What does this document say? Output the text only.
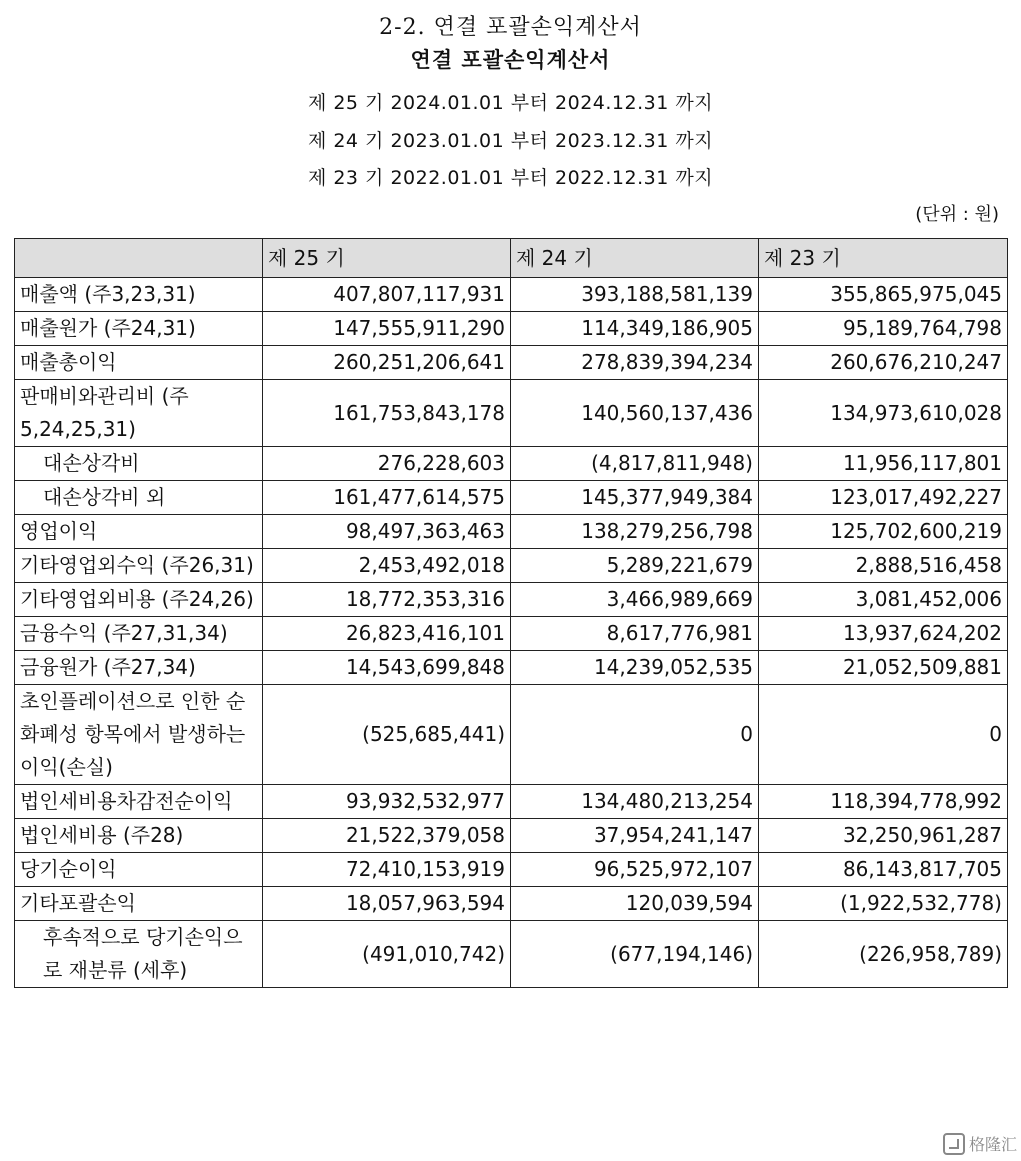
2-2. 연결 포괄손익계산서
연결 포괄손익계산서
제 25 기 2024.01.01 부터 2024.12.31 까지
제 24 기 2023.01.01 부터 2023.12.31 까지
제 23 기 2022.01.01 부터 2022.12.31 까지
(단위 : 원)
	제 25 기	제 24 기	제 23 기
매출액 (주3,23,31)	407,807,117,931	393,188,581,139	355,865,975,045
매출원가 (주24,31)	147,555,911,290	114,349,186,905	95,189,764,798
매출총이익	260,251,206,641	278,839,394,234	260,676,210,247
판매비와관리비 (주5,24,25,31)	161,753,843,178	140,560,137,436	134,973,610,028
대손상각비	276,228,603	(4,817,811,948)	11,956,117,801
대손상각비 외	161,477,614,575	145,377,949,384	123,017,492,227
영업이익	98,497,363,463	138,279,256,798	125,702,600,219
기타영업외수익 (주26,31)	2,453,492,018	5,289,221,679	2,888,516,458
기타영업외비용 (주24,26)	18,772,353,316	3,466,989,669	3,081,452,006
금융수익 (주27,31,34)	26,823,416,101	8,617,776,981	13,937,624,202
금융원가 (주27,34)	14,543,699,848	14,239,052,535	21,052,509,881
초인플레이션으로 인한 순화폐성 항목에서 발생하는 이익(손실)	(525,685,441)	0	0
법인세비용차감전순이익	93,932,532,977	134,480,213,254	118,394,778,992
법인세비용 (주28)	21,522,379,058	37,954,241,147	32,250,961,287
당기순이익	72,410,153,919	96,525,972,107	86,143,817,705
기타포괄손익	18,057,963,594	120,039,594	(1,922,532,778)
후속적으로 당기손익으로 재분류 (세후)	(491,010,742)	(677,194,146)	(226,958,789)
格隆汇
